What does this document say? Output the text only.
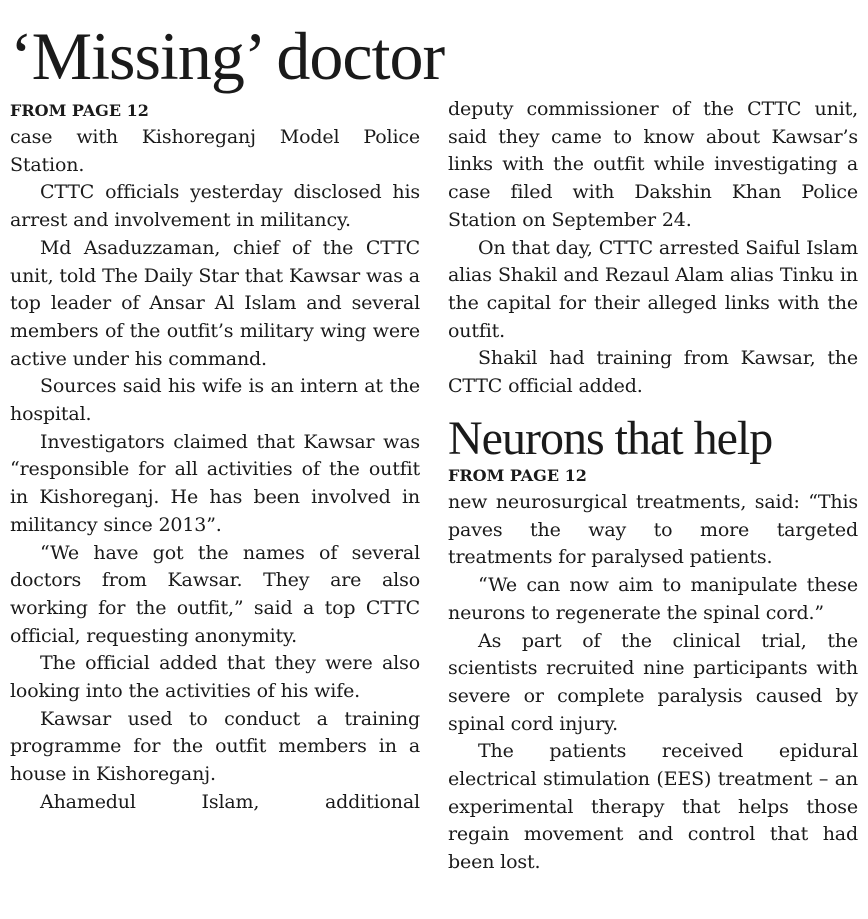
‘Missing’ doctor
FROM PAGE 12

case with Kishoreganj Model Police Station.

CTTC officials yesterday disclosed his arrest and involvement in militancy.

Md Asaduzzaman, chief of the CTTC unit, told The Daily Star that Kawsar was a top leader of Ansar Al Islam and several members of the outfit’s military wing were active under his command.

Sources said his wife is an intern at the hospital.

Investigators claimed that Kawsar was “responsible for all activities of the outfit in Kishoreganj. He has been involved in militancy since 2013”.

“We have got the names of several doctors from Kawsar. They are also working for the outfit,” said a top CTTC official, requesting anonymity.

The official added that they were also looking into the activities of his wife.

Kawsar used to conduct a training programme for the outfit members in a house in Kishoreganj.

Ahamedul Islam, additional

deputy commissioner of the CTTC unit, said they came to know about Kawsar’s links with the outfit while investigating a case filed with Dakshin Khan Police Station on September 24.

On that day, CTTC arrested Saiful Islam alias Shakil and Rezaul Alam alias Tinku in the capital for their alleged links with the outfit.

Shakil had training from Kawsar, the CTTC official added.

Neurons that help
FROM PAGE 12

new neurosurgical treatments, said: “This paves the way to more targeted treatments for paralysed patients.

“We can now aim to manipulate these neurons to regenerate the spinal cord.”

As part of the clinical trial, the scientists recruited nine participants with severe or complete paralysis caused by spinal cord injury.

The patients received epidural electrical stimulation (EES) treatment – an experimental therapy that helps those regain movement and control that had been lost.
